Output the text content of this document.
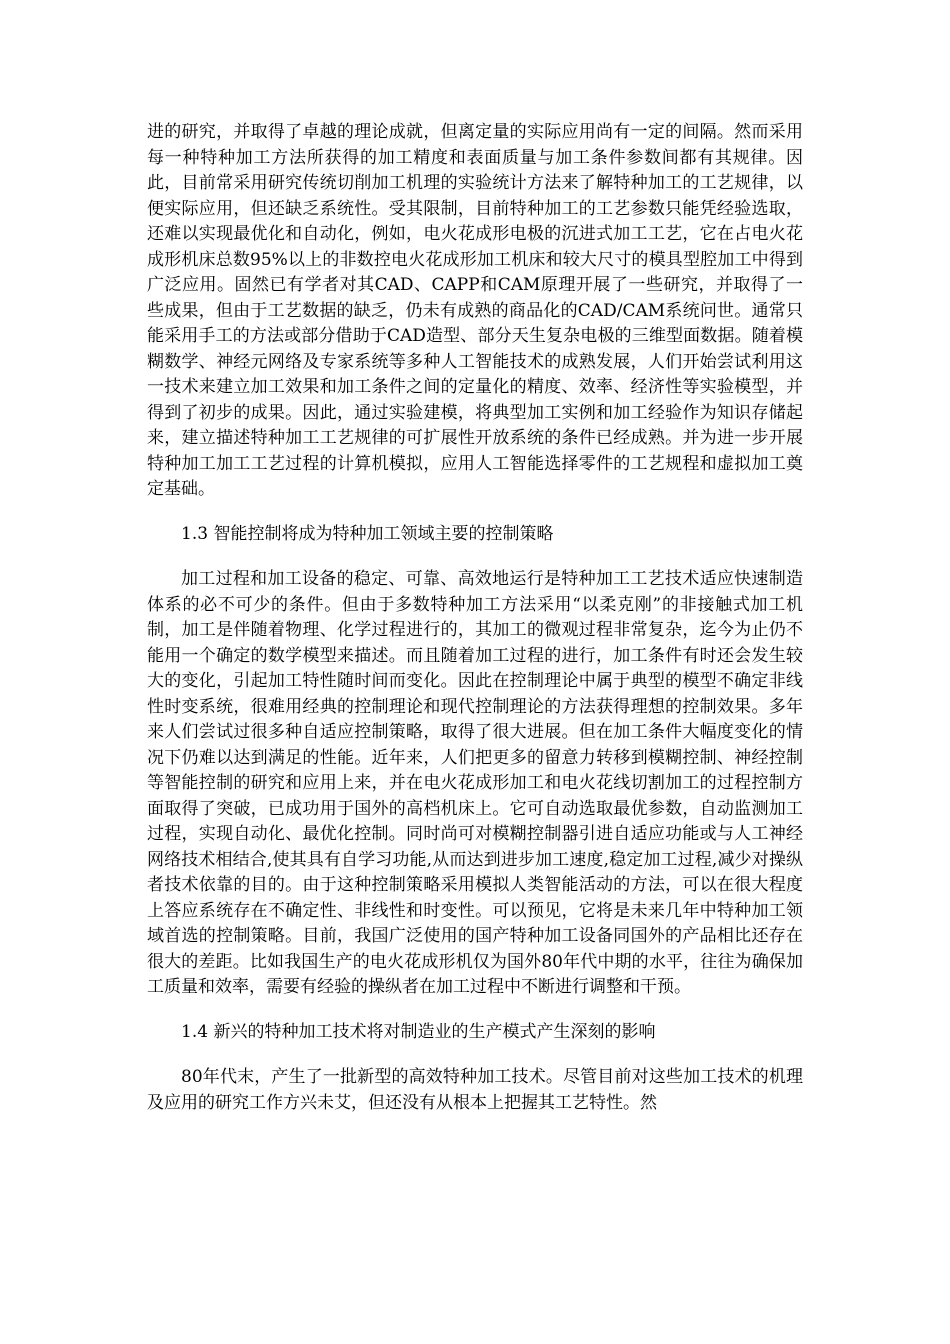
进的研究，并取得了卓越的理论成就，但离定量的实际应用尚有一定的间隔。然而采用每一种特种加工方法所获得的加工精度和表面质量与加工条件参数间都有其规律。因此，目前常采用研究传统切削加工机理的实验统计方法来了解特种加工的工艺规律，以便实际应用，但还缺乏系统性。受其限制，目前特种加工的工艺参数只能凭经验选取，还难以实现最优化和自动化，例如，电火花成形电极的沉进式加工工艺，它在占电火花成形机床总数95%以上的非数控电火花成形加工机床和较大尺寸的模具型腔加工中得到广泛应用。固然已有学者对其CAD、CAPP和CAM原理开展了一些研究，并取得了一些成果，但由于工艺数据的缺乏，仍未有成熟的商品化的CAD/CAM系统问世。通常只能采用手工的方法或部分借助于CAD造型、部分天生复杂电极的三维型面数据。随着模糊数学、神经元网络及专家系统等多种人工智能技术的成熟发展，人们开始尝试利用这一技术来建立加工效果和加工条件之间的定量化的精度、效率、经济性等实验模型，并得到了初步的成果。因此，通过实验建模，将典型加工实例和加工经验作为知识存储起来，建立描述特种加工工艺规律的可扩展性开放系统的条件已经成熟。并为进一步开展特种加工加工工艺过程的计算机模拟，应用人工智能选择零件的工艺规程和虚拟加工奠定基础。

1.3 智能控制将成为特种加工领域主要的控制策略

加工过程和加工设备的稳定、可靠、高效地运行是特种加工工艺技术适应快速制造体系的必不可少的条件。但由于多数特种加工方法采用“以柔克刚”的非接触式加工机制，加工是伴随着物理、化学过程进行的，其加工的微观过程非常复杂，迄今为止仍不能用一个确定的数学模型来描述。而且随着加工过程的进行，加工条件有时还会发生较大的变化，引起加工特性随时间而变化。因此在控制理论中属于典型的模型不确定非线性时变系统，很难用经典的控制理论和现代控制理论的方法获得理想的控制效果。多年来人们尝试过很多种自适应控制策略，取得了很大进展。但在加工条件大幅度变化的情况下仍难以达到满足的性能。近年来，人们把更多的留意力转移到模糊控制、神经控制等智能控制的研究和应用上来，并在电火花成形加工和电火花线切割加工的过程控制方面取得了突破，已成功用于国外的高档机床上。它可自动选取最优参数，自动监测加工过程，实现自动化、最优化控制。同时尚可对模糊控制器引进自适应功能或与人工神经网络技术相结合,使其具有自学习功能,从而达到进步加工速度,稳定加工过程,减少对操纵者技术依靠的目的。由于这种控制策略采用模拟人类智能活动的方法，可以在很大程度上答应系统存在不确定性、非线性和时变性。可以预见，它将是未来几年中特种加工领域首选的控制策略。目前，我国广泛使用的国产特种加工设备同国外的产品相比还存在很大的差距。比如我国生产的电火花成形机仅为国外80年代中期的水平，往往为确保加工质量和效率，需要有经验的操纵者在加工过程中不断进行调整和干预。

1.4 新兴的特种加工技术将对制造业的生产模式产生深刻的影响

80年代末，产生了一批新型的高效特种加工技术。尽管目前对这些加工技术的机理及应用的研究工作方兴未艾，但还没有从根本上把握其工艺特性。然
